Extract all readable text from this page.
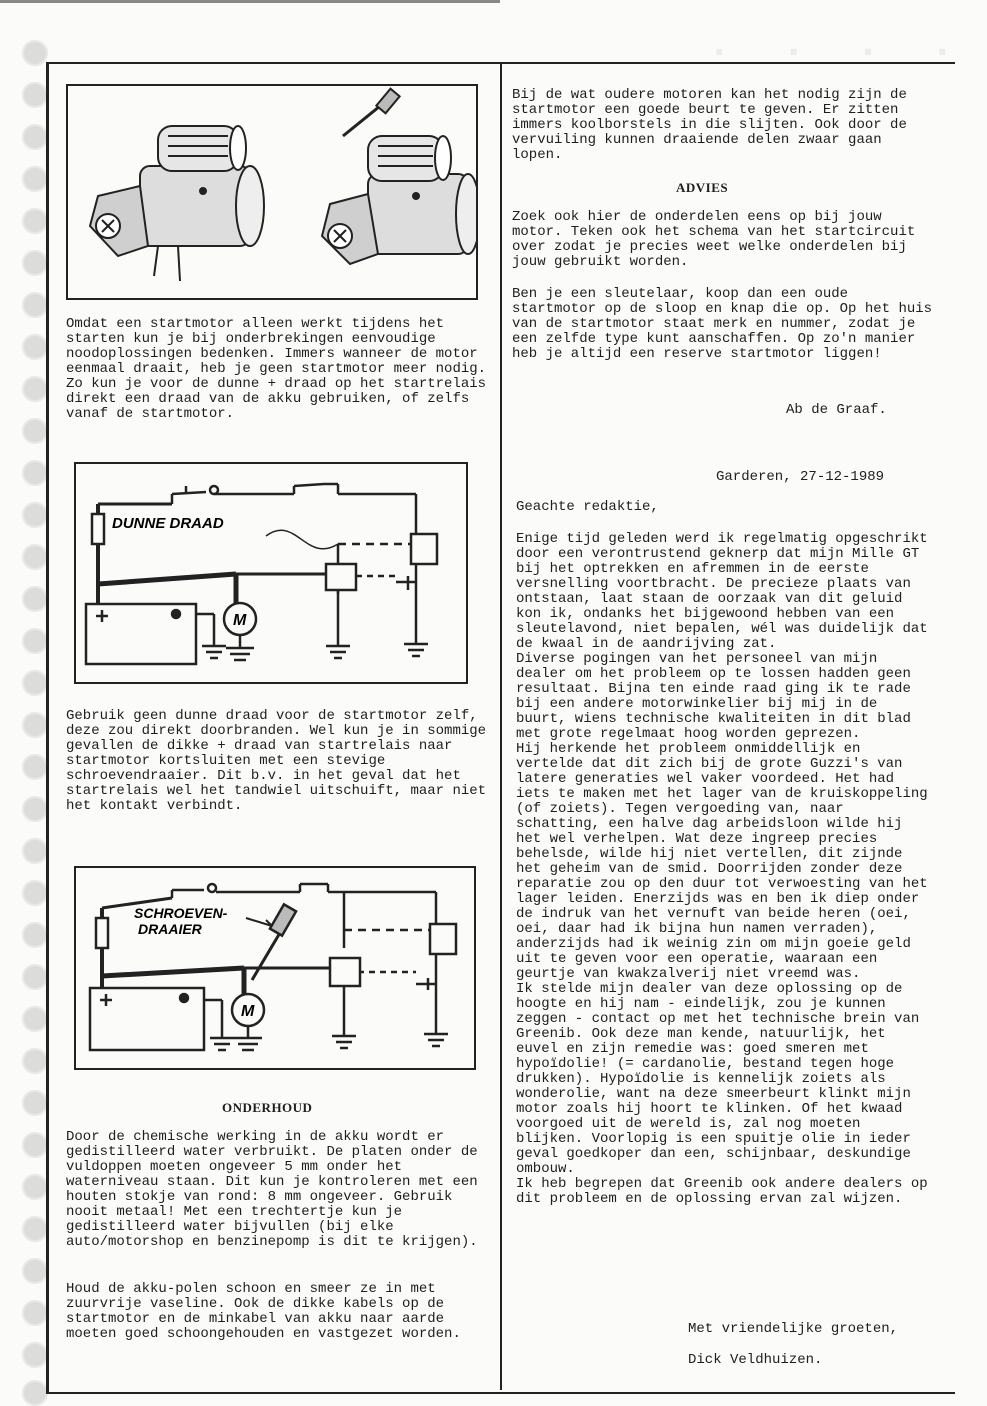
. . . .

Omdat een startmotor alleen werkt tijdens het starten kun je bij onderbrekingen eenvoudige noodoplossingen bedenken. Immers wanneer de motor eenmaal draait, heb je geen startmotor meer nodig. Zo kun je voor de dunne + draad op het startrelais direkt een draad van de akku gebruiken, of zelfs vanaf de startmotor.

DUNNE DRAAD
M

Gebruik geen dunne draad voor de startmotor zelf, deze zou direkt doorbranden. Wel kun je in sommige gevallen de dikke + draad van startrelais naar startmotor kortsluiten met een stevige schroevendraaier. Dit b.v. in het geval dat het startrelais wel het tandwiel uitschuift, maar niet het kontakt verbindt.

SCHROEVEN-
DRAAIER
M
ONDERHOUD

Door de chemische werking in de akku wordt er gedistilleerd water verbruikt. De platen onder de vuldoppen moeten ongeveer 5 mm onder het waterniveau staan. Dit kun je kontroleren met een houten stokje van rond: 8 mm ongeveer. Gebruik nooit metaal! Met een trechtertje kun je gedistilleerd water bijvullen (bij elke auto/motorshop en benzinepomp is dit te krijgen).

Houd de akku-polen schoon en smeer ze in met zuurvrije vaseline. Ook de dikke kabels op de startmotor en de minkabel van akku naar aarde moeten goed schoongehouden en vastgezet worden.

Bij de wat oudere motoren kan het nodig zijn de startmotor een goede beurt te geven. Er zitten immers koolborstels in die slijten. Ook door de vervuiling kunnen draaiende delen zwaar gaan lopen.

ADVIES

Zoek ook hier de onderdelen eens op bij jouw motor. Teken ook het schema van het startcircuit over zodat je precies weet welke onderdelen bij jouw gebruikt worden.

Ben je een sleutelaar, koop dan een oude startmotor op de sloop en knap die op. Op het huis van de startmotor staat merk en nummer, zodat je een zelfde type kunt aanschaffen. Op zo'n manier heb je altijd een reserve startmotor liggen!

Ab de Graaf.
Garderen, 27-12-1989
Geachte redaktie,

Enige tijd geleden werd ik regelmatig opgeschrikt door een verontrustend geknerp dat mijn Mille GT bij het optrekken en afremmen in de eerste versnelling voortbracht. De precieze plaats van ontstaan, laat staan de oorzaak van dit geluid kon ik, ondanks het bijgewoond hebben van een sleutelavond, niet bepalen, wél was duidelijk dat de kwaal in de aandrijving zat.
Diverse pogingen van het personeel van mijn dealer om het probleem op te lossen hadden geen resultaat. Bijna ten einde raad ging ik te rade bij een andere motorwinkelier bij mij in de buurt, wiens technische kwaliteiten in dit blad met grote regelmaat hoog worden geprezen.
Hij herkende het probleem onmiddellijk en vertelde dat dit zich bij de grote Guzzi's van latere generaties wel vaker voordeed. Het had iets te maken met het lager van de kruiskoppeling (of zoiets). Tegen vergoeding van, naar schatting, een halve dag arbeidsloon wilde hij het wel verhelpen. Wat deze ingreep precies behelsde, wilde hij niet vertellen, dit zijnde het geheim van de smid. Doorrijden zonder deze reparatie zou op den duur tot verwoesting van het lager leiden. Enerzijds was en ben ik diep onder de indruk van het vernuft van beide heren (oei, oei, daar had ik bijna hun namen verraden), anderzijds had ik weinig zin om mijn goeie geld uit te geven voor een operatie, waaraan een geurtje van kwakzalverij niet vreemd was.
Ik stelde mijn dealer van deze oplossing op de hoogte en hij nam - eindelijk, zou je kunnen zeggen - contact op met het technische brein van Greenib. Ook deze man kende, natuurlijk, het euvel en zijn remedie was: goed smeren met hypoïdolie! (= cardanolie, bestand tegen hoge drukken). Hypoïdolie is kennelijk zoiets als wonderolie, want na deze smeerbeurt klinkt mijn motor zoals hij hoort te klinken. Of het kwaad voorgoed uit de wereld is, zal nog moeten blijken. Voorlopig is een spuitje olie in ieder geval goedkoper dan een, schijnbaar, deskundige ombouw.
Ik heb begrepen dat Greenib ook andere dealers op dit probleem en de oplossing ervan zal wijzen.

Met vriendelijke groeten,
Dick Veldhuizen.
